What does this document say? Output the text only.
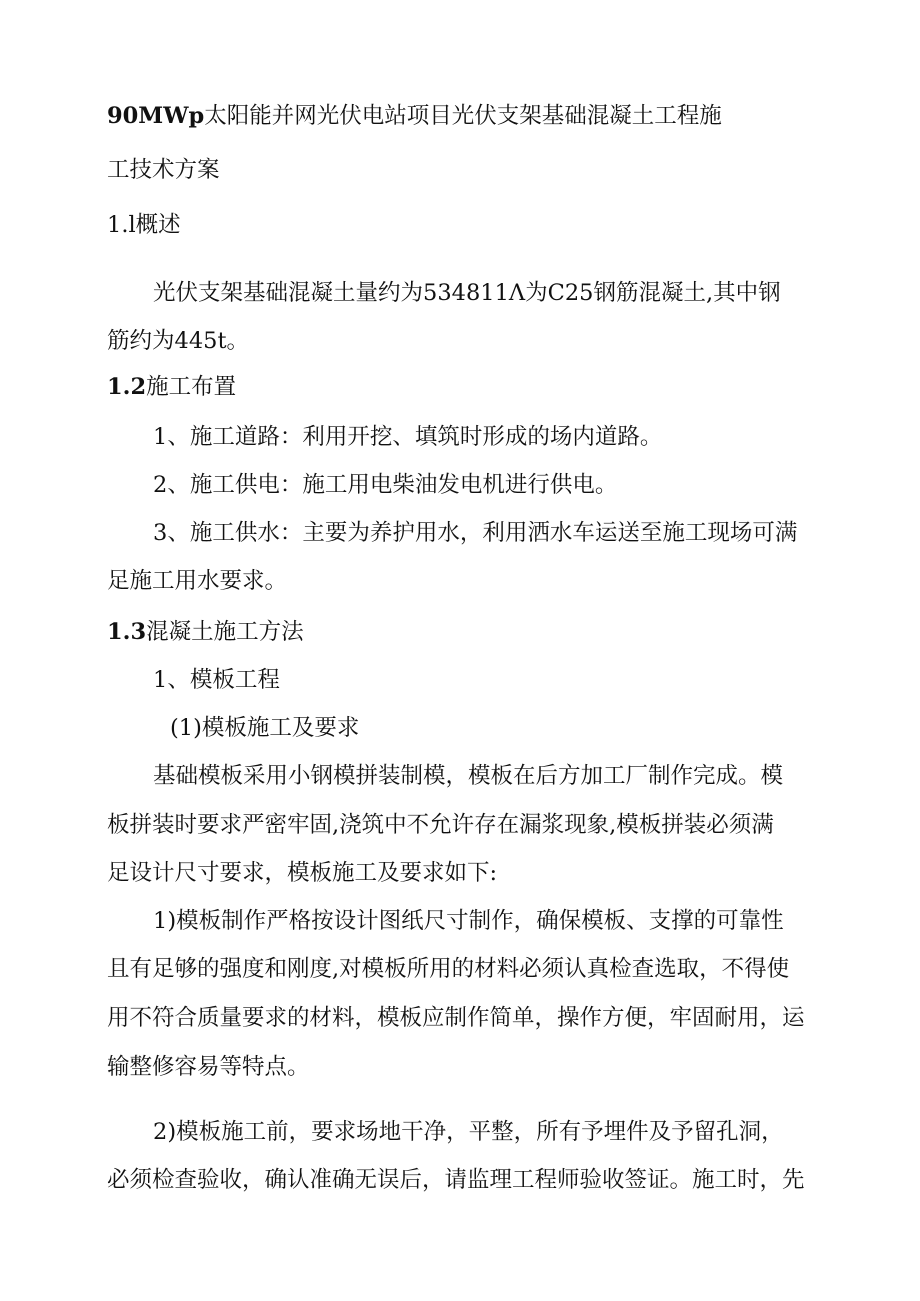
90MWp太阳能并网光伏电站项目光伏支架基础混凝土工程施
工技术方案
1.l概述
光伏支架基础混凝土量约为534811Λ为C25钢筋混凝土,其中钢
筋约为445t。
1.2施工布置
1、施工道路：利用开挖、填筑时形成的场内道路。
2、施工供电：施工用电柴油发电机进行供电。
3、施工供水：主要为养护用水，利用洒水车运送至施工现场可满
足施工用水要求。
1.3混凝土施工方法
1、模板工程
(1)模板施工及要求
基础模板采用小钢模拼装制模，模板在后方加工厂制作完成。模
板拼装时要求严密牢固,浇筑中不允许存在漏浆现象,模板拼装必须满
足设计尺寸要求，模板施工及要求如下:
1)模板制作严格按设计图纸尺寸制作，确保模板、支撑的可靠性
且有足够的强度和刚度,对模板所用的材料必须认真检查选取，不得使
用不符合质量要求的材料，模板应制作简单，操作方便，牢固耐用，运
输整修容易等特点。
2)模板施工前，要求场地干净，平整，所有予埋件及予留孔洞，
必须检查验收，确认准确无误后，请监理工程师验收签证。施工时，先
